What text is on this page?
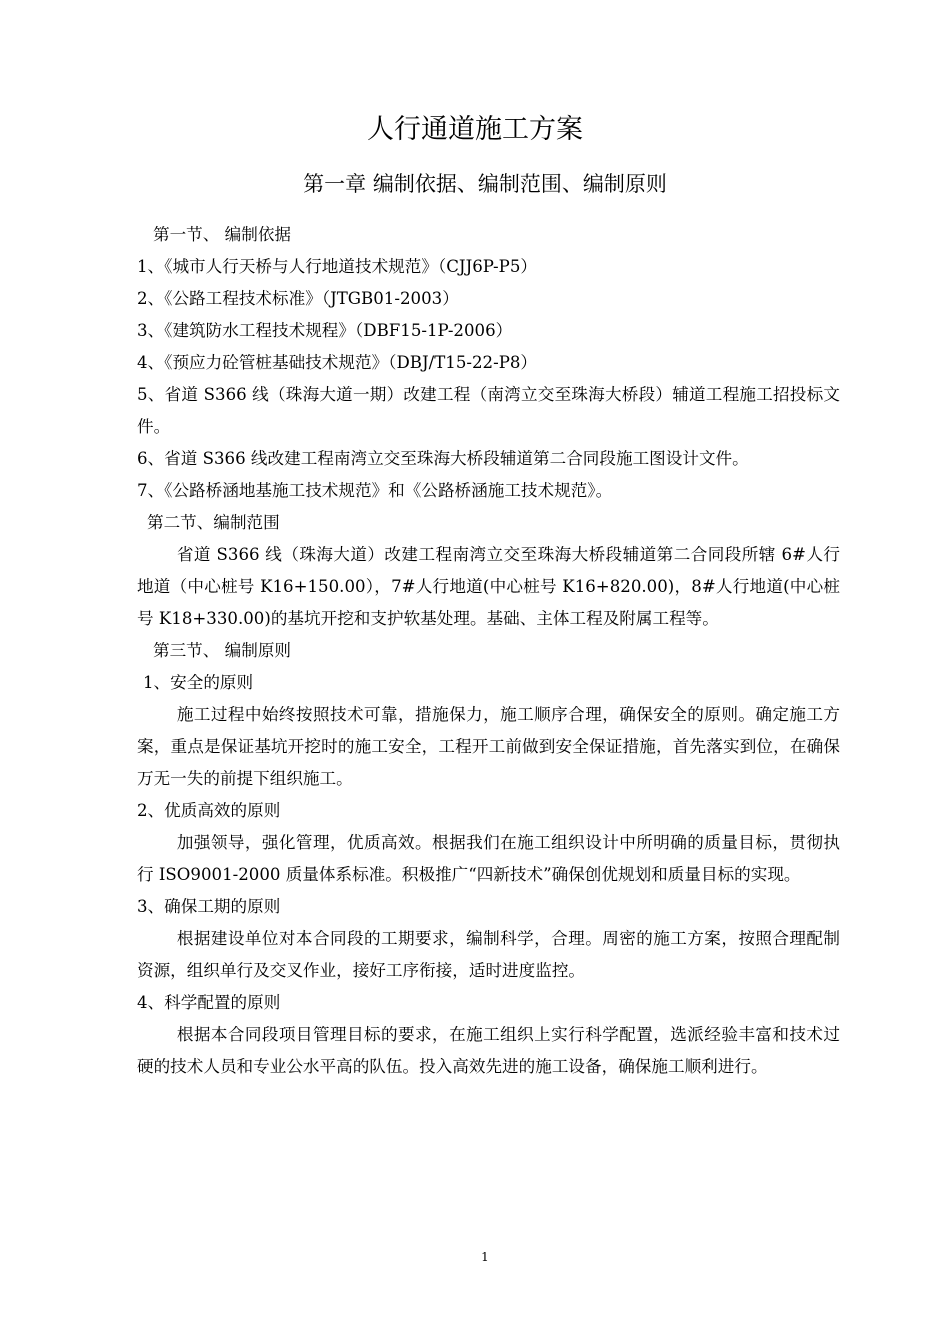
人行通道施工方案
第一章 编制依据、编制范围、编制原则

第一节、 编制依据

1、《城市人行天桥与人行地道技术规范》（CJJ6P-P5）

2、《公路工程技术标准》（JTGB01-2003）

3、《建筑防水工程技术规程》（DBF15-1P-2006）

4、《预应力砼管桩基础技术规范》（DBJ/T15-22-P8）

5、省道 S366 线（珠海大道一期）改建工程（南湾立交至珠海大桥段）辅道工程施工招投标文件。

6、省道 S366 线改建工程南湾立交至珠海大桥段辅道第二合同段施工图设计文件。

7、《公路桥涵地基施工技术规范》和《公路桥涵施工技术规范》。

第二节、编制范围

省道 S366 线（珠海大道）改建工程南湾立交至珠海大桥段辅道第二合同段所辖 6#人行地道（中心桩号 K16+150.00），7#人行地道(中心桩号 K16+820.00)，8#人行地道(中心桩号 K18+330.00)的基坑开挖和支护软基处理。基础、主体工程及附属工程等。

第三节、 编制原则

1、安全的原则

施工过程中始终按照技术可靠，措施保力，施工顺序合理，确保安全的原则。确定施工方案，重点是保证基坑开挖时的施工安全，工程开工前做到安全保证措施，首先落实到位，在确保万无一失的前提下组织施工。

2、优质高效的原则

加强领导，强化管理，优质高效。根据我们在施工组织设计中所明确的质量目标，贯彻执行 ISO9001-2000 质量体系标准。积极推广“四新技术”确保创优规划和质量目标的实现。

3、确保工期的原则

根据建设单位对本合同段的工期要求，编制科学，合理。周密的施工方案，按照合理配制资源，组织单行及交叉作业，接好工序衔接，适时进度监控。

4、科学配置的原则

根据本合同段项目管理目标的要求，在施工组织上实行科学配置，选派经验丰富和技术过硬的技术人员和专业公水平高的队伍。投入高效先进的施工设备，确保施工顺利进行。

1
